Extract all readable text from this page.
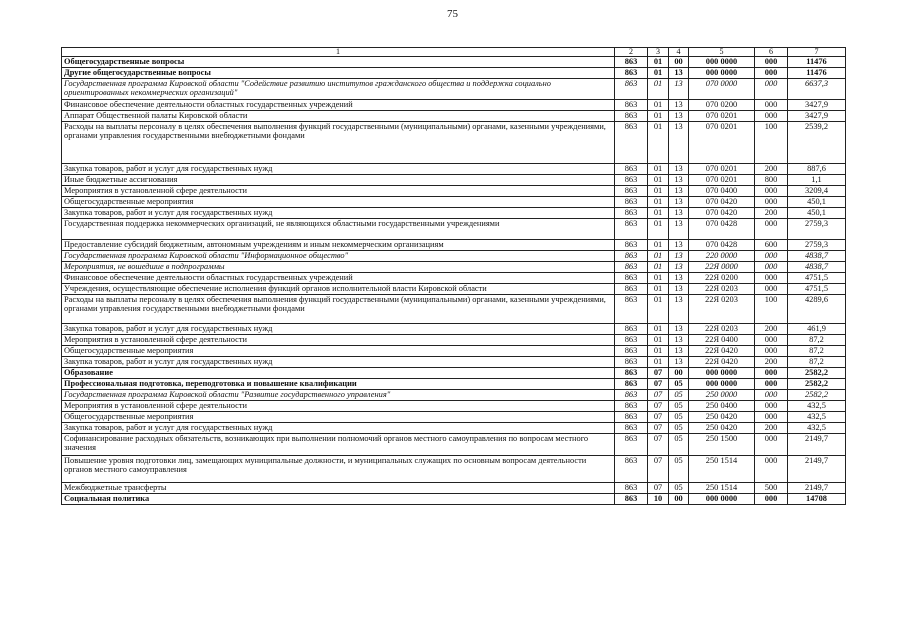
75
1	2	3	4	5	6	7
Общегосударственные вопросы	863	01	00	000 0000	000	11476
Другие общегосударственные вопросы	863	01	13	000 0000	000	11476
Государственная программа Кировской области "Содействие развитию институтов гражданского общества и поддержка социально ориентированных некоммерческих организаций"	863	01	13	070 0000	000	6637,3
Финансовое обеспечение деятельности областных государственных учреждений	863	01	13	070 0200	000	3427,9
Аппарат Общественной палаты Кировской области	863	01	13	070 0201	000	3427,9
Расходы на выплаты персоналу в целях обеспечения выполнения функций государственными (муниципальными) органами, казенными учреждениями, органами управления государственными внебюджетными фондами	863	01	13	070 0201	100	2539,2
Закупка товаров, работ и услуг для государственных нужд	863	01	13	070 0201	200	887,6
Иные бюджетные ассигнования	863	01	13	070 0201	800	1,1
Мероприятия в установленной сфере деятельности	863	01	13	070 0400	000	3209,4
Общегосударственные мероприятия	863	01	13	070 0420	000	450,1
Закупка товаров, работ и услуг для государственных нужд	863	01	13	070 0420	200	450,1
Государственная поддержка некоммерческих организаций, не являющихся областными государственными учреждениями	863	01	13	070 0428	000	2759,3
Предоставление субсидий бюджетным, автономным учреждениям и иным некоммерческим организациям	863	01	13	070 0428	600	2759,3
Государственная программа Кировской области "Информационное общество"	863	01	13	220 0000	000	4838,7
Мероприятия, не вошедшие в подпрограммы	863	01	13	22Я 0000	000	4838,7
Финансовое обеспечение деятельности областных государственных учреждений	863	01	13	22Я 0200	000	4751,5
Учреждения, осуществляющие обеспечение исполнения функций органов исполнительной власти Кировской области	863	01	13	22Я 0203	000	4751,5
Расходы на выплаты персоналу в целях обеспечения выполнения функций государственными (муниципальными) органами, казенными учреждениями, органами управления государственными внебюджетными фондами	863	01	13	22Я 0203	100	4289,6
Закупка товаров, работ и услуг для государственных нужд	863	01	13	22Я 0203	200	461,9
Мероприятия в установленной сфере деятельности	863	01	13	22Я 0400	000	87,2
Общегосударственные мероприятия	863	01	13	22Я 0420	000	87,2
Закупка товаров, работ и услуг для государственных нужд	863	01	13	22Я 0420	200	87,2
Образование	863	07	00	000 0000	000	2582,2
Профессиональная подготовка, переподготовка и повышение квалификации	863	07	05	000 0000	000	2582,2
Государственная программа Кировской области "Развитие государственного управления"	863	07	05	250 0000	000	2582,2
Мероприятия в установленной сфере деятельности	863	07	05	250 0400	000	432,5
Общегосударственные мероприятия	863	07	05	250 0420	000	432,5
Закупка товаров, работ и услуг для государственных нужд	863	07	05	250 0420	200	432,5
Софинансирование расходных обязательств, возникающих при выполнении полномочий органов местного самоуправления по вопросам местного значения	863	07	05	250 1500	000	2149,7
Повышение уровня подготовки лиц, замещающих муниципальные должности, и муниципальных служащих по основным вопросам деятельности органов местного самоуправления	863	07	05	250 1514	000	2149,7
Межбюджетные трансферты	863	07	05	250 1514	500	2149,7
Социальная политика	863	10	00	000 0000	000	14708
